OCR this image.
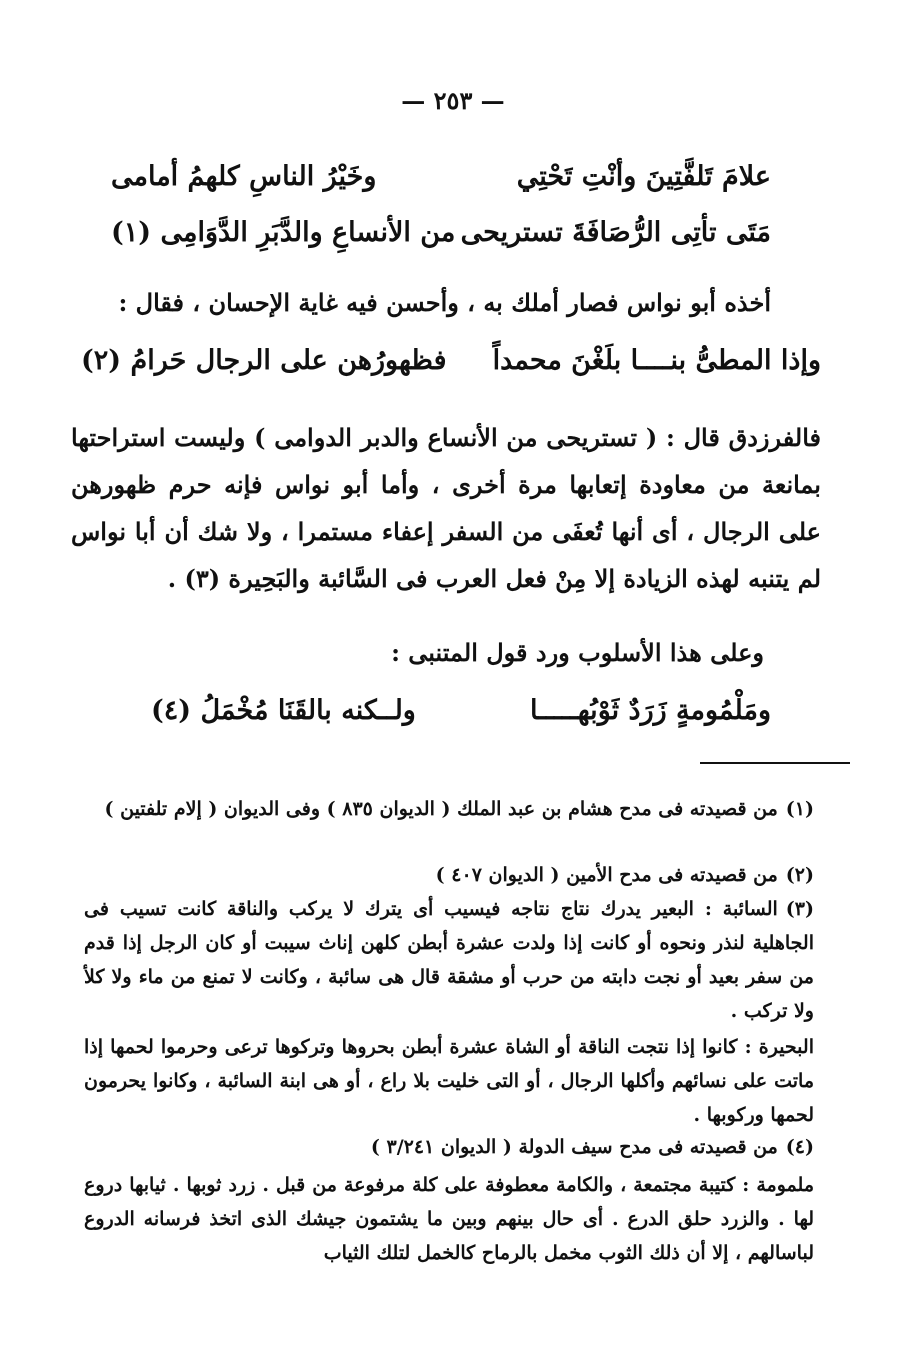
— ٢٥٣ —
علامَ تَلفَّتِينَ وأنْتِ تَحْتِي
وخَيْرُ الناسِ كلهمُ أمامى
مَتَى تأتِى الرُّصَافَةَ تستريحى
من الأنساعِ والدَّبَرِ الدَّوَامِى (١)
أخذه أبو نواس فصار أملك به ، وأحسن فيه غاية الإحسان ، فقال :
وإذا المطىُّ بنــــا بلَغْنَ محمداً
فظهورُهن على الرجال حَرامُ (٢)
فالفرزدق قال : ( تستريحى من الأنساع والدبر الدوامى ) وليست استراحتها بمانعة من معاودة إتعابها مرة أخرى ، وأما أبو نواس فإنه حرم ظهورهن على الرجال ، أى أنها تُعفَى من السفر إعفاء مستمرا ، ولا شك أن أبا نواس لم يتنبه لهذه الزيادة إلا مِنْ فعل العرب فى السَّائبة والبَحِيرة (٣) .
وعلى هذا الأسلوب ورد قول المتنبى :
ومَلْمُومةٍ زَرَدٌ ثَوْبُهـــــا
ولــكنه بالقَنَا مُخْمَلُ (٤)
(١)من قصيدته فى مدح هشام بن عبد الملك ( الديوان ٨٣٥ ) وفى الديوان ( إلام تلفتين )
(٢)من قصيدته فى مدح الأمين ( الديوان ٤٠٧ )
(٣)السائبة : البعير يدرك نتاج نتاجه فيسيب أى يترك لا يركب والناقة كانت تسيب فى الجاهلية لنذر ونحوه أو كانت إذا ولدت عشرة أبطن كلهن إناث سيبت أو كان الرجل إذا قدم من سفر بعيد أو نجت دابته من حرب أو مشقة قال هى سائبة ، وكانت لا تمنع من ماء ولا كلأ ولا تركب .
البحيرة : كانوا إذا نتجت الناقة أو الشاة عشرة أبطن بحروها وتركوها ترعى وحرموا لحمها إذا ماتت على نسائهم وأكلها الرجال ، أو التى خليت بلا راع ، أو هى ابنة السائبة ، وكانوا يحرمون لحمها وركوبها .
(٤)من قصيدته فى مدح سيف الدولة ( الديوان ٣/٢٤١ )
ملمومة : كتيبة مجتمعة ، والكامة معطوفة على كلة مرفوعة من قبل . زرد ثوبها . ثيابها دروع لها . والزرد حلق الدرع . أى حال بينهم وبين ما يشتمون جيشك الذى اتخذ فرسانه الدروع لباسالهم ، إلا أن ذلك الثوب مخمل بالرماح كالخمل لتلك الثياب
